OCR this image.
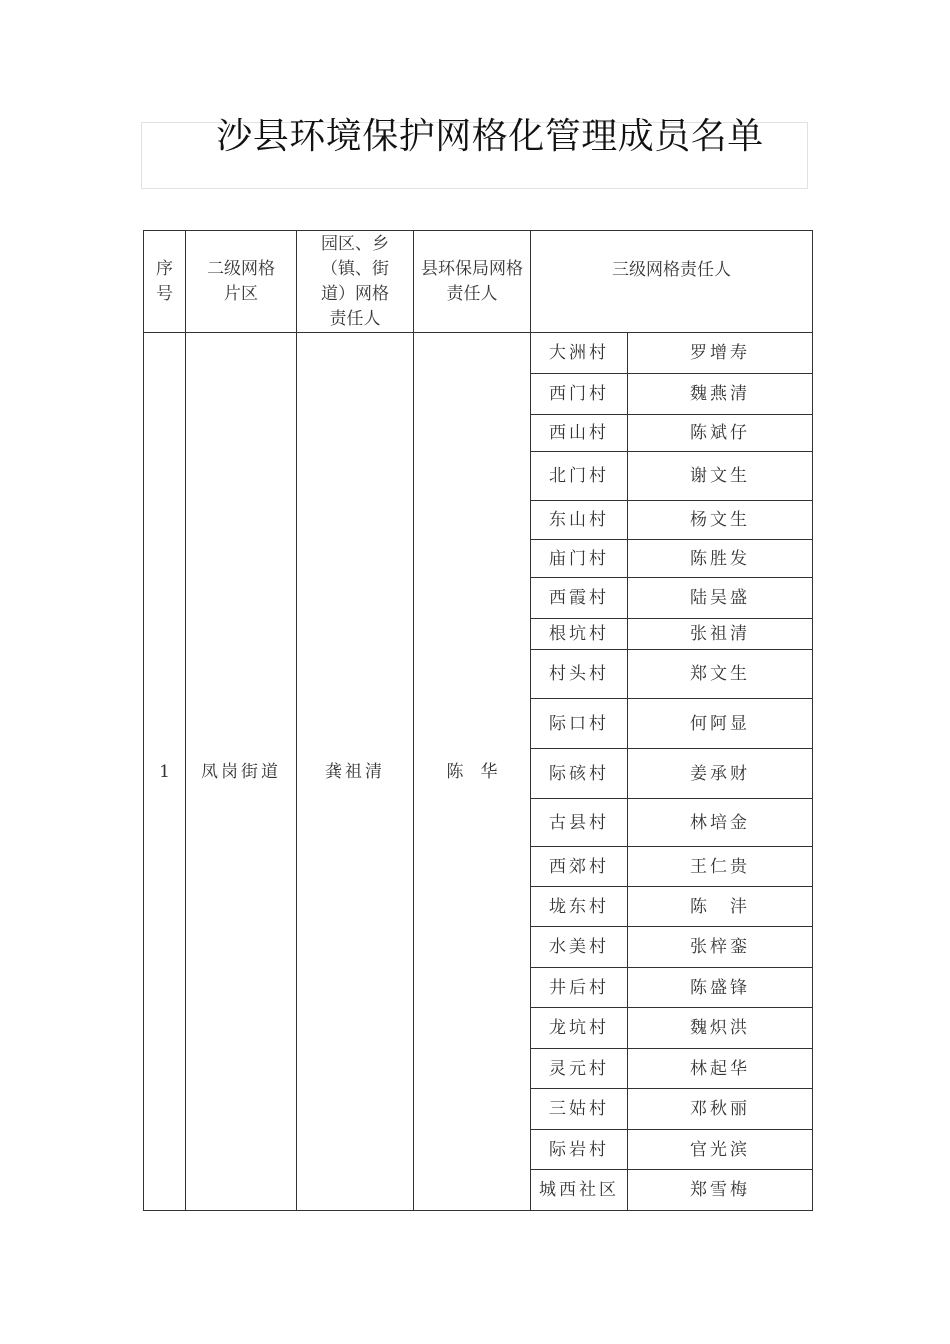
沙县环境保护网格化管理成员名单
序号	二级网格片区	园区、乡（镇、街道）网格责任人	县环保局网格责任人	三级网格责任人	

1	凤岗街道	龚祖清	陈　华	大洲村	罗增寿
				西门村	魏燕清
				西山村	陈斌仔
				北门村	谢文生
				东山村	杨文生
				庙门村	陈胜发
				西霞村	陆吴盛
				根坑村	张祖清
				村头村	郑文生
				际口村	何阿显
				际硋村	姜承财
				古县村	林培金
				西郊村	王仁贵
				垅东村	陈　沣
				水美村	张梓銮
				井后村	陈盛锋
				龙坑村	魏炽洪
				灵元村	林起华
				三姑村	邓秋丽
				际岩村	官光滨
				城西社区	郑雪梅
